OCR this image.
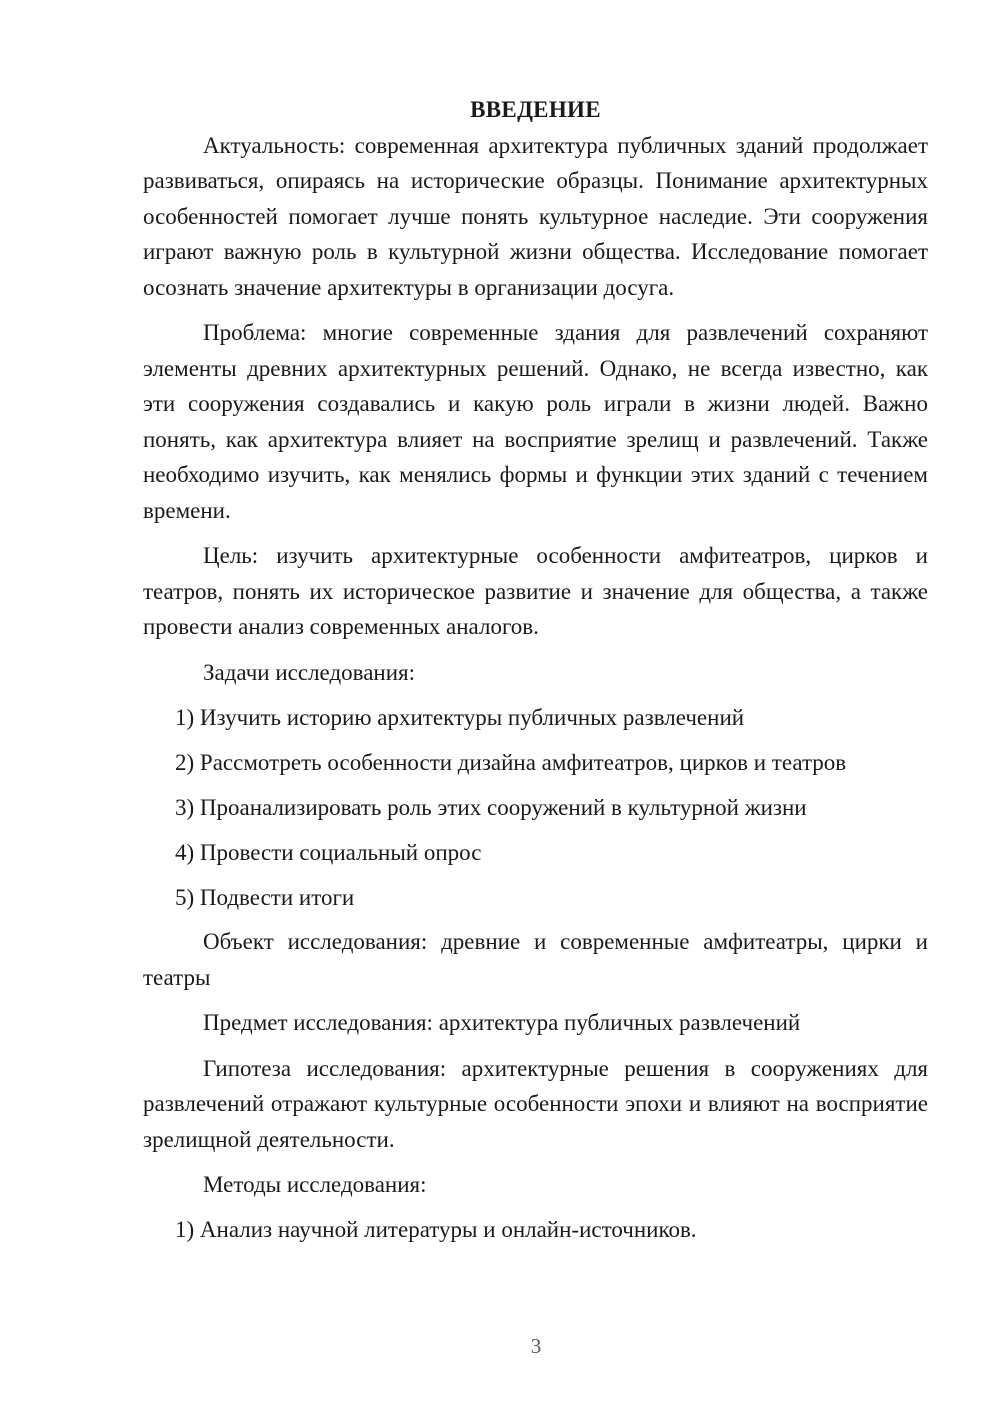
ВВЕДЕНИЕ

Актуальность: современная архитектура публичных зданий продолжает развиваться, опираясь на исторические образцы. Понимание архитектурных особенностей помогает лучше понять культурное наследие. Эти сооружения играют важную роль в культурной жизни общества. Исследование помогает осознать значение архитектуры в организации досуга.

Проблема: многие современные здания для развлечений сохраняют элементы древних архитектурных решений. Однако, не всегда известно, как эти сооружения создавались и какую роль играли в жизни людей. Важно понять, как архитектура влияет на восприятие зрелищ и развлечений. Также необходимо изучить, как менялись формы и функции этих зданий с течением времени.

Цель: изучить архитектурные особенности амфитеатров, цирков и театров, понять их историческое развитие и значение для общества, а также провести анализ современных аналогов.

Задачи исследования:

1) Изучить историю архитектуры публичных развлечений

2) Рассмотреть особенности дизайна амфитеатров, цирков и театров

3) Проанализировать роль этих сооружений в культурной жизни

4) Провести социальный опрос

5) Подвести итоги

Объект исследования: древние и современные амфитеатры, цирки и театры

Предмет исследования: архитектура публичных развлечений

Гипотеза исследования: архитектурные решения в сооружениях для развлечений отражают культурные особенности эпохи и влияют на восприятие зрелищной деятельности.

Методы исследования:

1) Анализ научной литературы и онлайн-источников.

3
